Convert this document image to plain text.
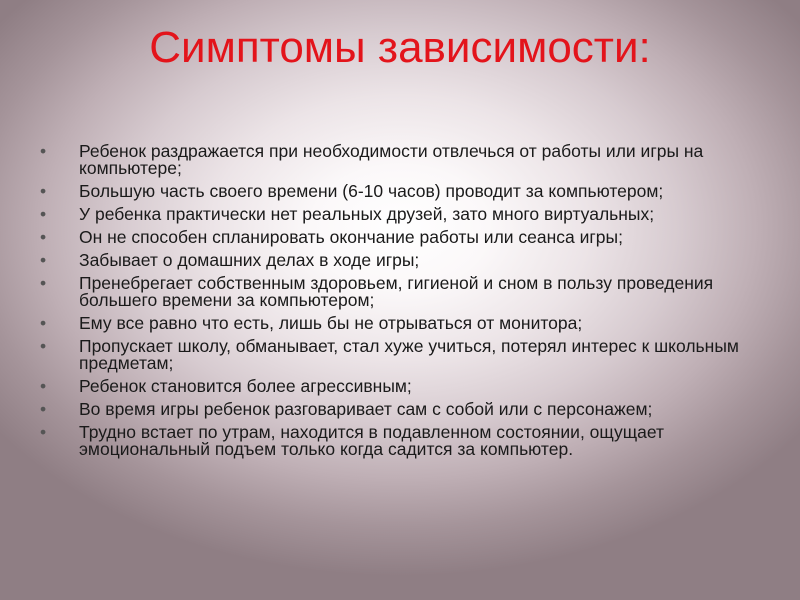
Симптомы зависимости:
•	Ребенок раздражается при необходимости отвлечься от работы или игры на компьютере;
•	Большую часть своего времени (6-10 часов) проводит за компьютером;
•	У ребенка практически нет реальных друзей, зато много виртуальных;
•	Он не способен спланировать окончание работы или сеанса игры;
•	Забывает о домашних делах в ходе игры;
•	Пренебрегает собственным здоровьем, гигиеной и сном в пользу проведения большего времени за компьютером;
•	Ему все равно что есть, лишь бы не отрываться от монитора;
•	Пропускает школу, обманывает, стал хуже учиться, потерял интерес к школьным предметам;
•	Ребенок становится более агрессивным;
•	Во время игры ребенок разговаривает сам с собой или с персонажем;
•	Трудно встает по утрам, находится в подавленном состоянии, ощущает эмоциональный подъем только когда садится за компьютер.
